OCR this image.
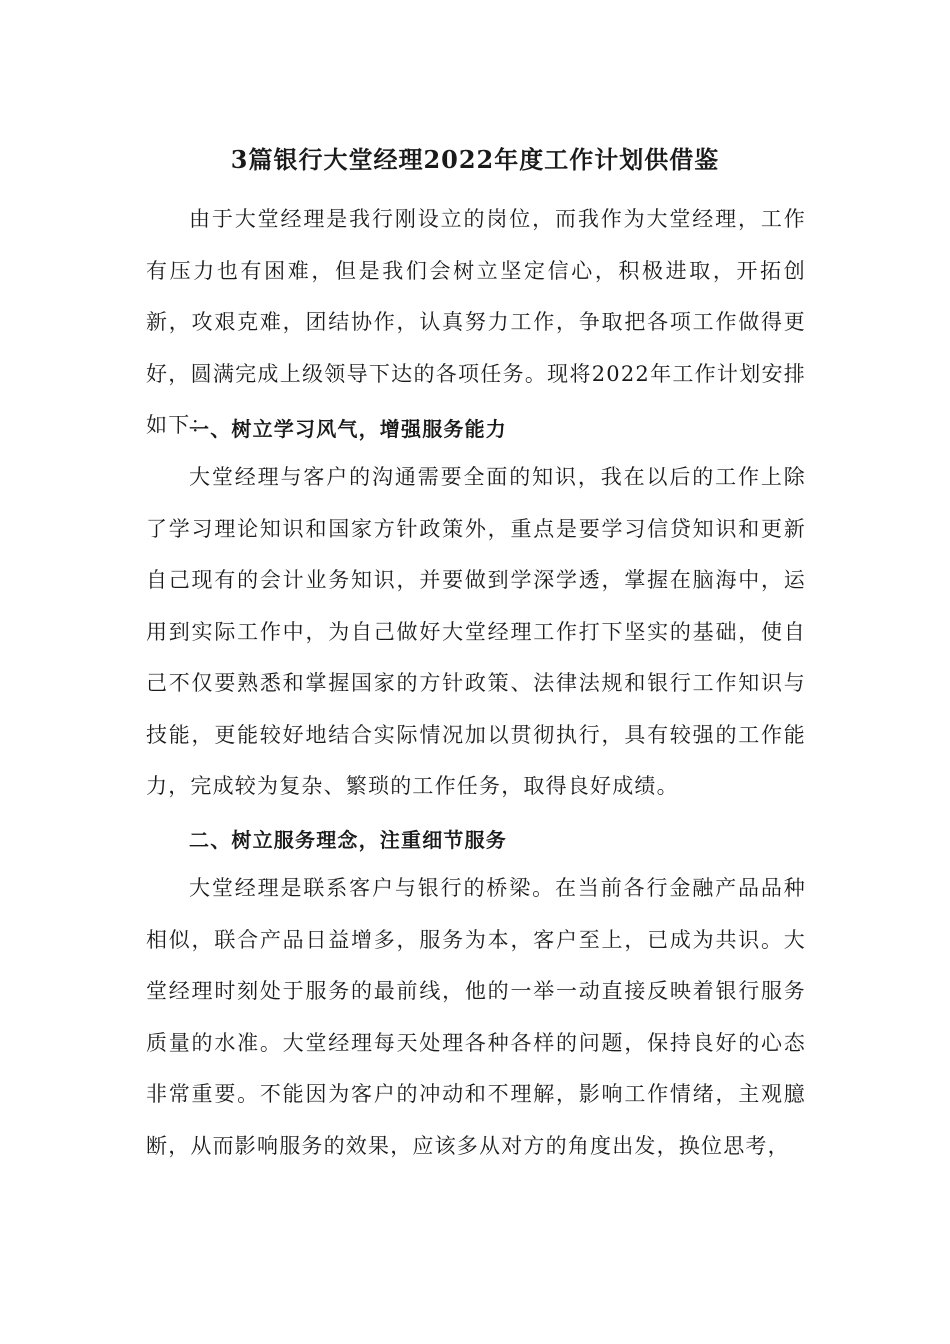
3篇银行大堂经理2022年度工作计划供借鉴

由于大堂经理是我行刚设立的岗位，而我作为大堂经理，工作有压力也有困难，但是我们会树立坚定信心，积极进取，开拓创新，攻艰克难，团结协作，认真努力工作，争取把各项工作做得更好，圆满完成上级领导下达的各项任务。现将2022年工作计划安排如下：

一、树立学习风气，增强服务能力

大堂经理与客户的沟通需要全面的知识，我在以后的工作上除了学习理论知识和国家方针政策外，重点是要学习信贷知识和更新自己现有的会计业务知识，并要做到学深学透，掌握在脑海中，运用到实际工作中，为自己做好大堂经理工作打下坚实的基础，使自己不仅要熟悉和掌握国家的方针政策、法律法规和银行工作知识与技能，更能较好地结合实际情况加以贯彻执行，具有较强的工作能力，完成较为复杂、繁琐的工作任务，取得良好成绩。

二、树立服务理念，注重细节服务

大堂经理是联系客户与银行的桥梁。在当前各行金融产品品种相似，联合产品日益增多，服务为本，客户至上，已成为共识。大堂经理时刻处于服务的最前线，他的一举一动直接反映着银行服务质量的水准。大堂经理每天处理各种各样的问题，保持良好的心态非常重要。不能因为客户的冲动和不理解，影响工作情绪，主观臆断，从而影响服务的效果，应该多从对方的角度出发，换位思考，
